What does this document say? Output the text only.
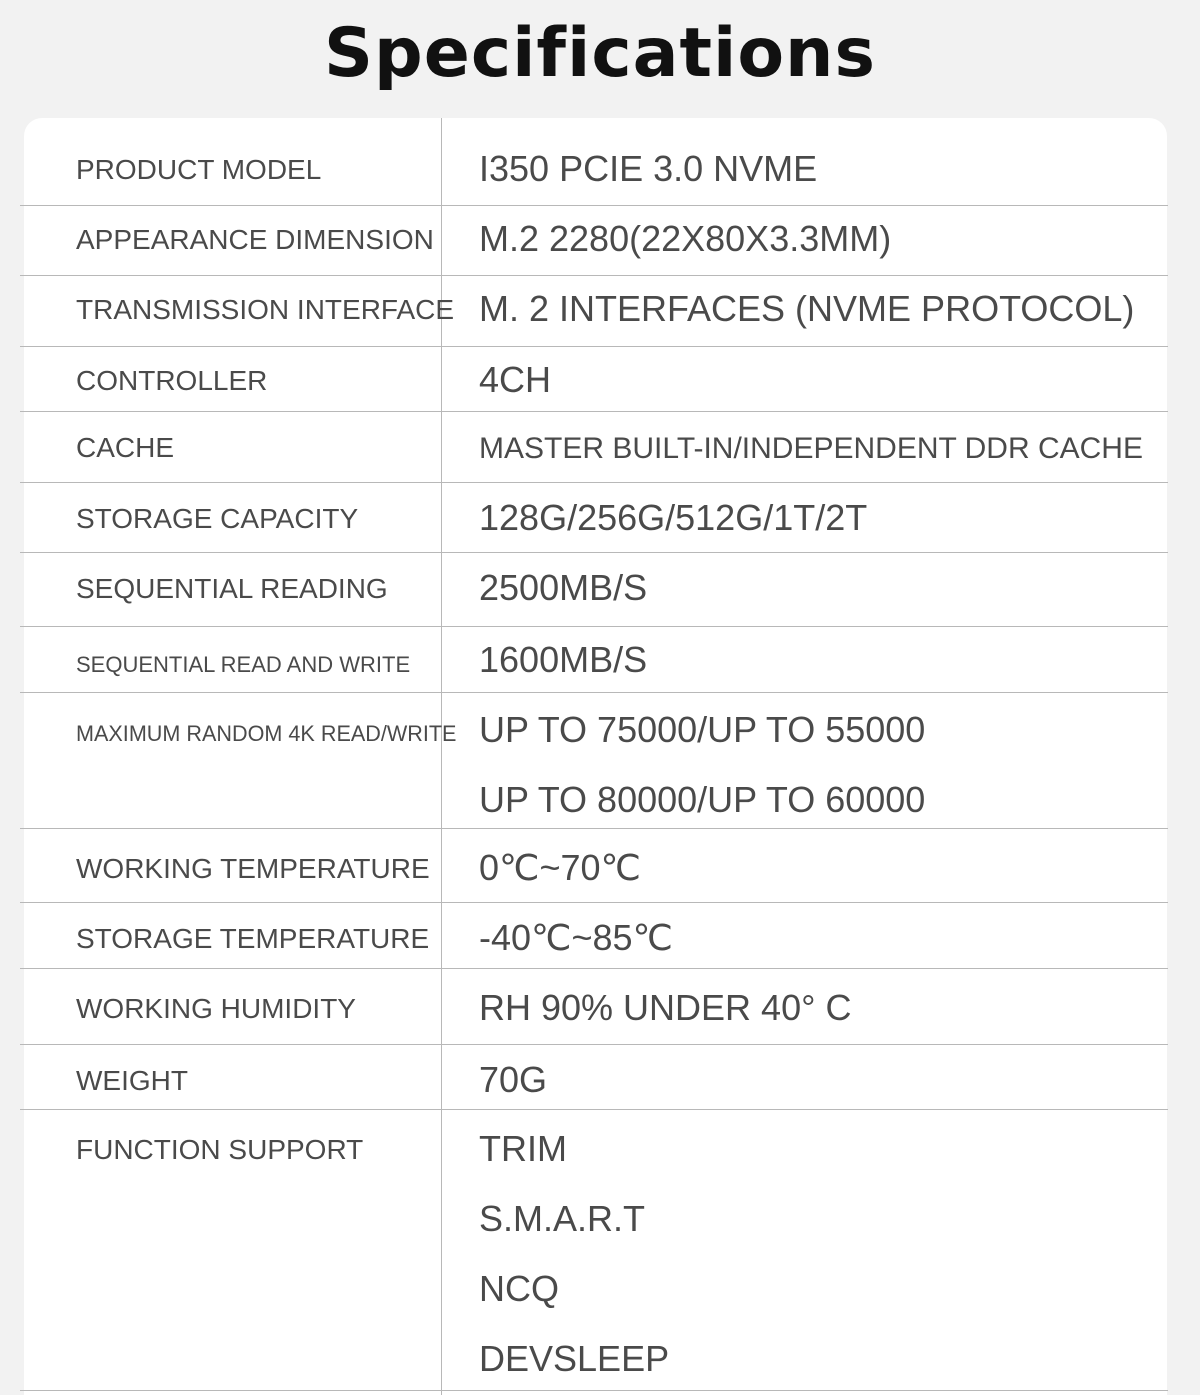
Specifications
PRODUCT MODEL	I350 PCIE 3.0 NVME
APPEARANCE DIMENSION M.2 2280(22X80X3.3MM)
TRANSMISSION INTERFACE M. 2 INTERFACES (NVME PROTOCOL)
CONTROLLER	4CH
CACHE	MASTER BUILT-IN/INDEPENDENT DDR CACHE
STORAGE CAPACITY	128G/256G/512G/1T/2T
SEQUENTIAL READING	2500MB/S
SEQUENTIAL READ AND WRITE 1600MB/S
MAXIMUM RANDOM 4K READ/WRITE UP TO 75000/UP TO 55000
UP TO 80000/UP TO 60000
WORKING TEMPERATURE 0℃~70℃
STORAGE TEMPERATURE -40℃~85℃
WORKING HUMIDITY	RH 90% UNDER 40° C
WEIGHT	70G
FUNCTION SUPPORT	TRIM
S.M.A.R.T
NCQ
DEVSLEEP
